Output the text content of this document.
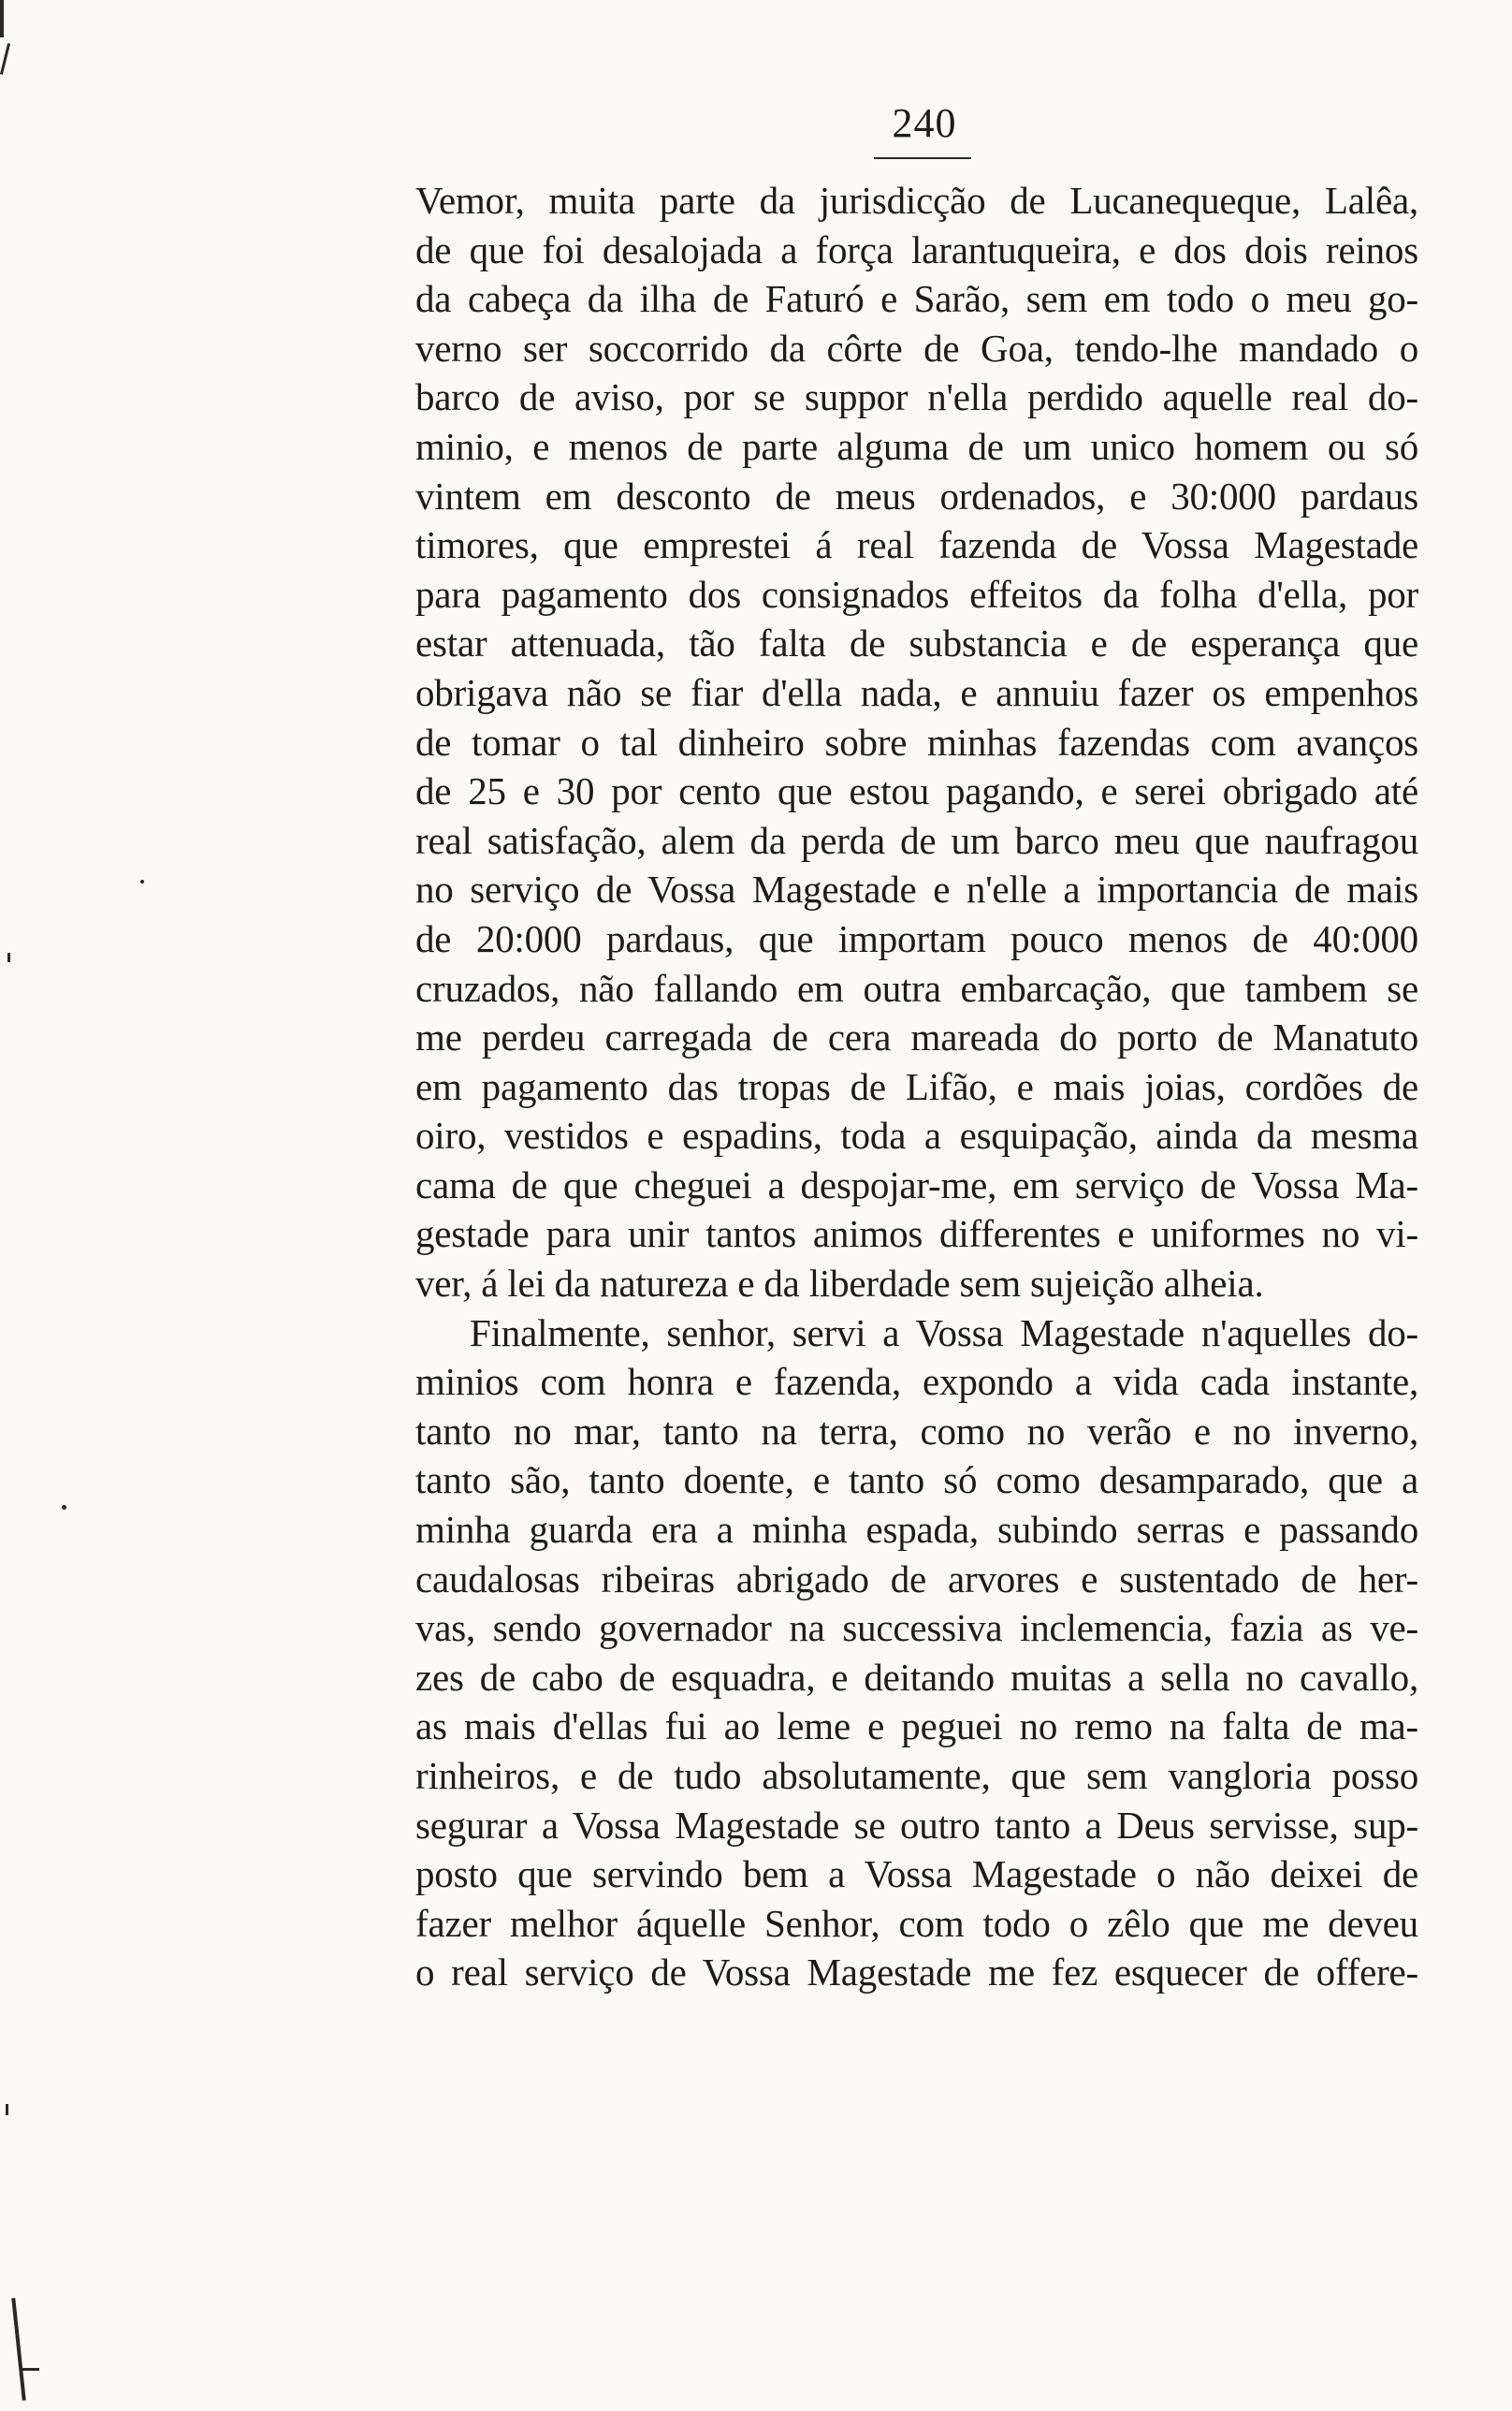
240
Vemor, muita parte da jurisdicção de Lucanequeque, Lalêa,
de que foi desalojada a força larantuqueira, e dos dois reinos
da cabeça da ilha de Faturó e Sarão, sem em todo o meu go-
verno ser soccorrido da côrte de Goa, tendo-lhe mandado o
barco de aviso, por se suppor n'ella perdido aquelle real do-
minio, e menos de parte alguma de um unico homem ou só
vintem em desconto de meus ordenados, e 30:000 pardaus
timores, que emprestei á real fazenda de Vossa Magestade
para pagamento dos consignados effeitos da folha d'ella, por
estar attenuada, tão falta de substancia e de esperança que
obrigava não se fiar d'ella nada, e annuiu fazer os empenhos
de tomar o tal dinheiro sobre minhas fazendas com avanços
de 25 e 30 por cento que estou pagando, e serei obrigado até
real satisfação, alem da perda de um barco meu que naufragou
no serviço de Vossa Magestade e n'elle a importancia de mais
de 20:000 pardaus, que importam pouco menos de 40:000
cruzados, não fallando em outra embarcação, que tambem se
me perdeu carregada de cera mareada do porto de Manatuto
em pagamento das tropas de Lifão, e mais joias, cordões de
oiro, vestidos e espadins, toda a esquipação, ainda da mesma
cama de que cheguei a despojar-me, em serviço de Vossa Ma-
gestade para unir tantos animos differentes e uniformes no vi-
ver, á lei da natureza e da liberdade sem sujeição alheia.
Finalmente, senhor, servi a Vossa Magestade n'aquelles do-
minios com honra e fazenda, expondo a vida cada instante,
tanto no mar, tanto na terra, como no verão e no inverno,
tanto são, tanto doente, e tanto só como desamparado, que a
minha guarda era a minha espada, subindo serras e passando
caudalosas ribeiras abrigado de arvores e sustentado de her-
vas, sendo governador na successiva inclemencia, fazia as ve-
zes de cabo de esquadra, e deitando muitas a sella no cavallo,
as mais d'ellas fui ao leme e peguei no remo na falta de ma-
rinheiros, e de tudo absolutamente, que sem vangloria posso
segurar a Vossa Magestade se outro tanto a Deus servisse, sup-
posto que servindo bem a Vossa Magestade o não deixei de
fazer melhor áquelle Senhor, com todo o zêlo que me deveu
o real serviço de Vossa Magestade me fez esquecer de offere-
